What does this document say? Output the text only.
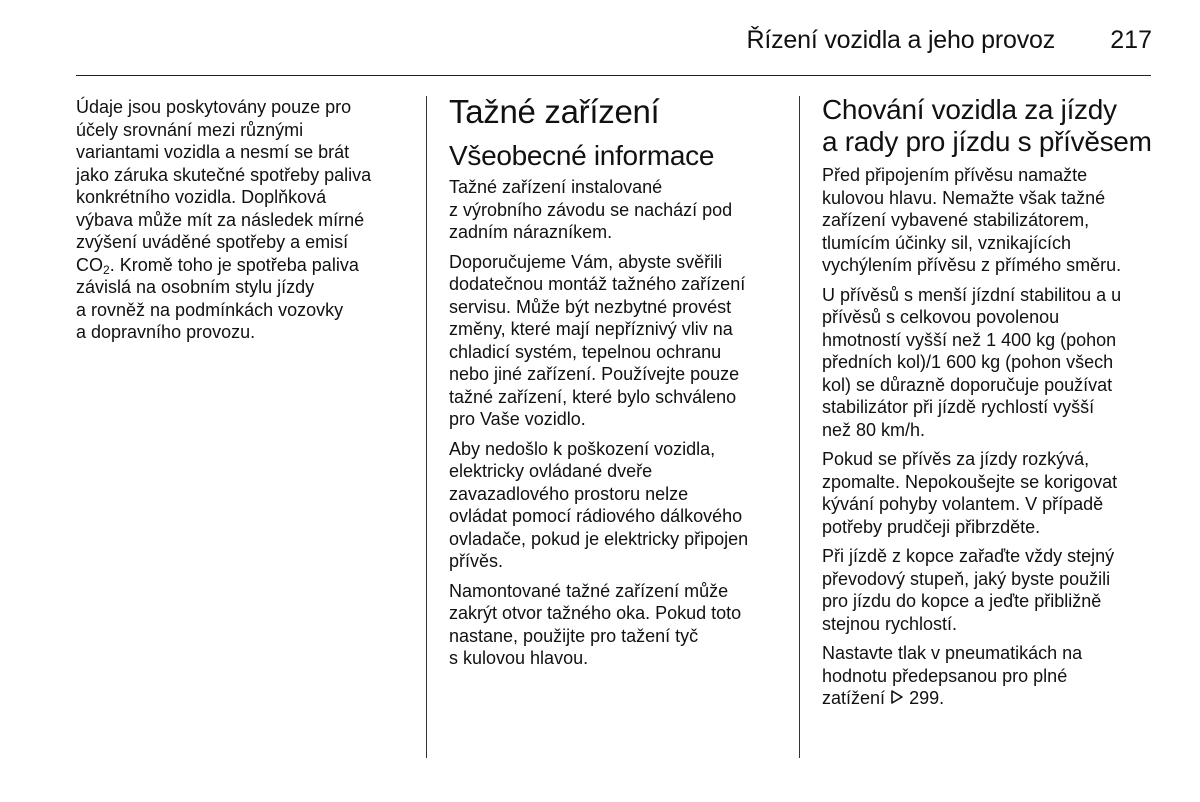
Řízení vozidla a jeho provoz	217

Údaje jsou poskytovány pouze pro
účely srovnání mezi různými
variantami vozidla a nesmí se brát
jako záruka skutečné spotřeby paliva
konkrétního vozidla. Doplňková
výbava může mít za následek mírné
zvýšení uváděné spotřeby a emisí
$CO_2$. Kromě toho je spotřeba paliva
závislá na osobním stylu jízdy
a rovněž na podmínkách vozovky
a dopravního provozu.

Tažné zařízení
Všeobecné informace

Tažné zařízení instalované
z výrobního závodu se nachází pod
zadním nárazníkem.

Doporučujeme Vám, abyste svěřili
dodatečnou montáž tažného zařízení
servisu. Může být nezbytné provést
změny, které mají nepříznivý vliv na
chladicí systém, tepelnou ochranu
nebo jiné zařízení. Používejte pouze
tažné zařízení, které bylo schváleno
pro Vaše vozidlo.

Aby nedošlo k poškození vozidla,
elektricky ovládané dveře
zavazadlového prostoru nelze
ovládat pomocí rádiového dálkového
ovladače, pokud je elektricky připojen
přívěs.

Namontované tažné zařízení může
zakrýt otvor tažného oka. Pokud toto
nastane, použijte pro tažení tyč
s kulovou hlavou.

Chování vozidla za jízdy
a rady pro jízdu s přívěsem

Před připojením přívěsu namažte
kulovou hlavu. Nemažte však tažné
zařízení vybavené stabilizátorem,
tlumícím účinky sil, vznikajících
vychýlením přívěsu z přímého směru.

U přívěsů s menší jízdní stabilitou a u
přívěsů s celkovou povolenou
hmotností vyšší než 1 400 kg (pohon
předních kol)/1 600 kg (pohon všech
kol) se důrazně doporučuje používat
stabilizátor při jízdě rychlostí vyšší
než 80 km/h.

Pokud se přívěs za jízdy rozkývá,
zpomalte. Nepokoušejte se korigovat
kývání pohyby volantem. V případě
potřeby prudčeji přibrzděte.

Při jízdě z kopce zařaďte vždy stejný
převodový stupeň, jaký byste použili
pro jízdu do kopce a jeďte přibližně
stejnou rychlostí.

Nastavte tlak v pneumatikách na
hodnotu předepsanou pro plné

zatížení 299.
